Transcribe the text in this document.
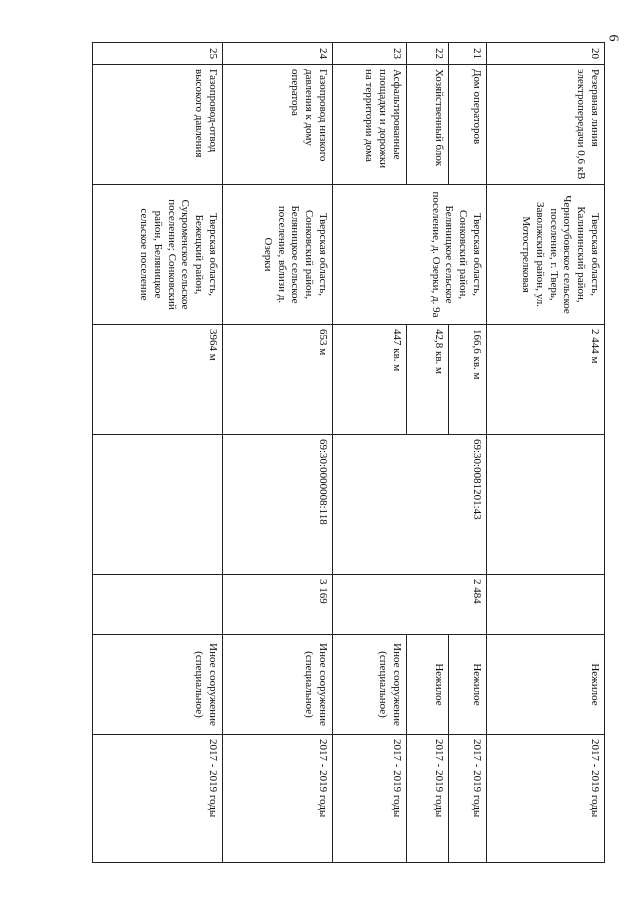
6
20	Резервная линия электропередачи 0,6 кВ	Тверская область, Калининский район, Черногубовское сельское поселение, г. Тверь, Заволжский район, ул. Мотострелковая	2 444 м			Нежилое	2017 - 2019 годы
21	Дом операторов	Тверская область, Сонковский район, Беляницкое сельское поселение, д. Озерки, д. 9а	166,6 кв. м	69:30:0081201:43	2 484	Нежилое	2017 - 2019 годы
22	Хозяйственный блок		42,8 кв. м			Нежилое	2017 - 2019 годы
23	Асфальтированные площадки и дорожки на территории дома		447 кв. м			Иное сооружение (специальное)	2017 - 2019 годы
24	Газопровод низкого давления к дому оператора	Тверская область, Сонковский район, Беляницкое сельское поселение, вблизи д. Озерки	653 м	69:30:0000008:118	3 169	Иное сооружение (специальное)	2017 - 2019 годы
25	Газопровод-отвод высокого давления	Тверская область, Бежецкий район, Сукроменское сельское поселение; Сонковский район, Беляницкое сельское поселение	3964 м			Иное сооружение (специальное)	2017 - 2019 годы
